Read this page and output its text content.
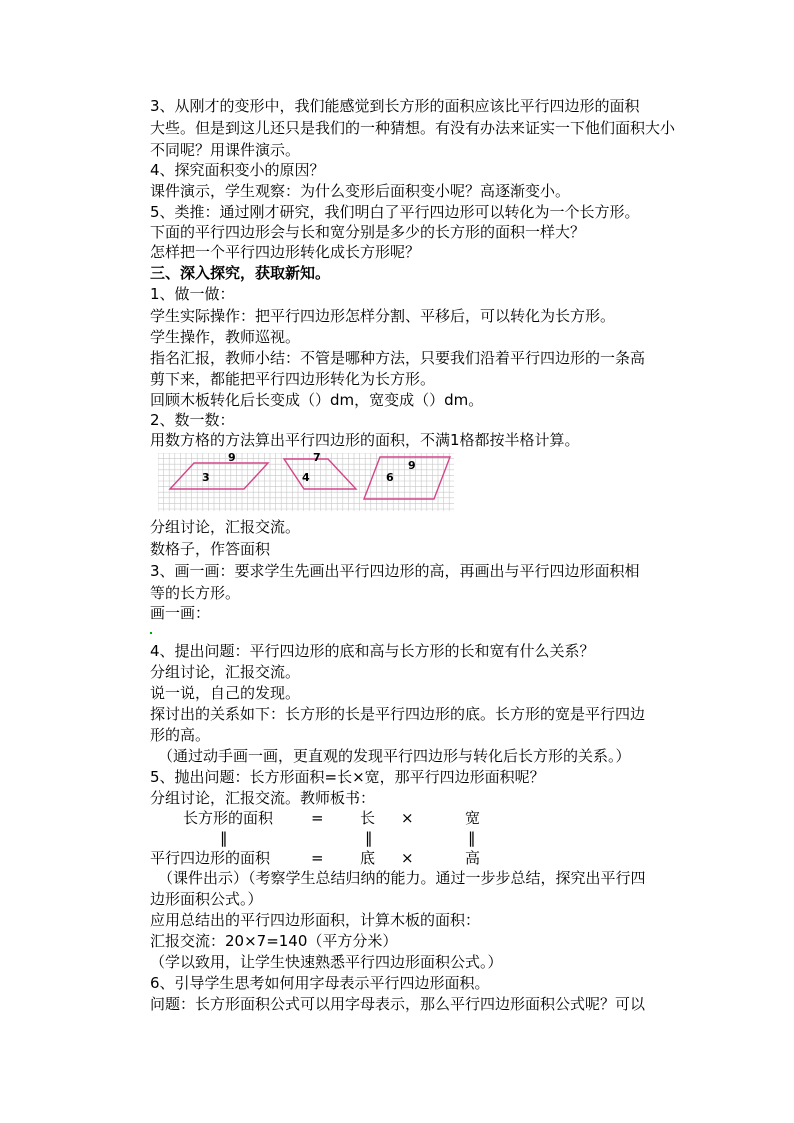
3、从刚才的变形中，我们能感觉到长方形的面积应该比平行四边形的面积
大些。但是到这儿还只是我们的一种猜想。有没有办法来证实一下他们面积大小
不同呢？用课件演示。
4、探究面积变小的原因？
课件演示，学生观察：为什么变形后面积变小呢？高逐渐变小。
5、类推：通过刚才研究，我们明白了平行四边形可以转化为一个长方形。
下面的平行四边形会与长和宽分别是多少的长方形的面积一样大？
怎样把一个平行四边形转化成长方形呢？
三、深入探究，获取新知。
1、做一做：
学生实际操作：把平行四边形怎样分割、平移后，可以转化为长方形。
学生操作，教师巡视。
指名汇报，教师小结：不管是哪种方法，只要我们沿着平行四边形的一条高
剪下来，都能把平行四边形转化为长方形。
回顾木板转化后长变成（）dm，宽变成（）dm。
2、数一数：
用数方格的方法算出平行四边形的面积，不满1格都按半格计算。
9
3
7
4	6
9
分组讨论，汇报交流。
数格子，作答面积
3、画一画：要求学生先画出平行四边形的高，再画出与平行四边形面积相
等的长方形。
画一画：
4、提出问题：平行四边形的底和高与长方形的长和宽有什么关系？
分组讨论，汇报交流。
说一说，自己的发现。
探讨出的关系如下：长方形的长是平行四边形的底。长方形的宽是平行四边
形的高。
（通过动手画一画，更直观的发现平行四边形与转化后长方形的关系。）
5、抛出问题：长方形面积=长×宽，那平行四边形面积呢？
分组讨论，汇报交流。教师板书：
长方形的面积	= 长 ×	宽
‖	‖	‖
平行四边形的面积	= 底 ×	高
（课件出示）（考察学生总结归纳的能力。通过一步步总结，探究出平行四
边形面积公式。）
应用总结出的平行四边形面积，计算木板的面积：
汇报交流：20×7=140（平方分米）
（学以致用，让学生快速熟悉平行四边形面积公式。）
6、引导学生思考如何用字母表示平行四边形面积。
问题：长方形面积公式可以用字母表示，那么平行四边形面积公式呢？可以
